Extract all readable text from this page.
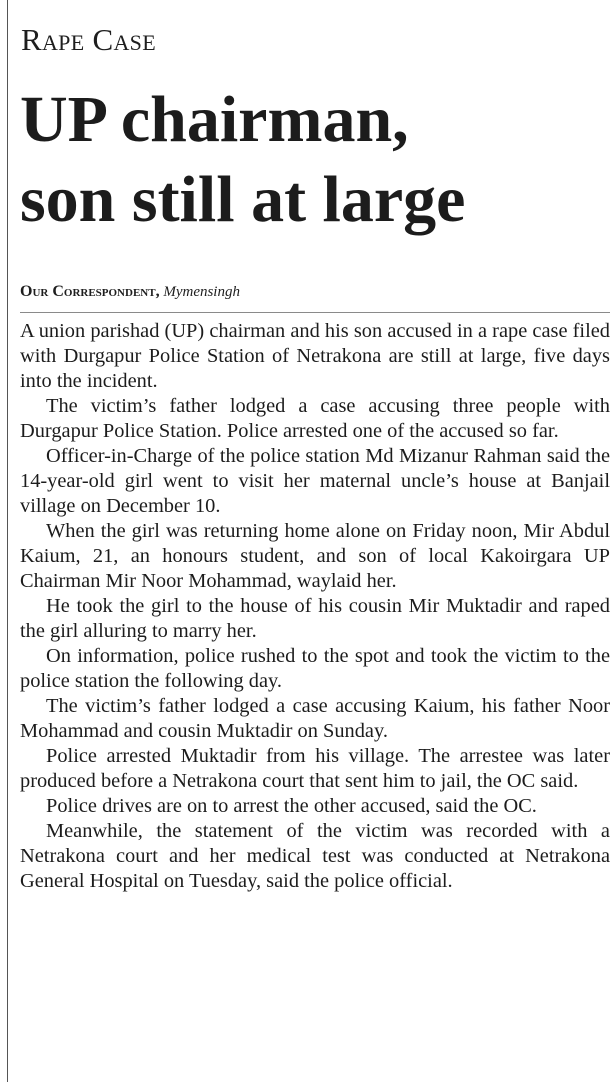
Rape Case
UP chairman,
son still at large
Our Correspondent, Mymensingh

A union parishad (UP) chairman and his son accused in a rape case filed with Durgapur Police Station of Netrakona are still at large, five days into the incident.

The victim’s father lodged a case accusing three people with Durgapur Police Station. Police arrested one of the accused so far.

Officer-in-Charge of the police station Md Mizanur Rahman said the 14-year-old girl went to visit her maternal uncle’s house at Banjail village on December 10.

When the girl was returning home alone on Friday noon, Mir Abdul Kaium, 21, an honours student, and son of local Kakoirgara UP Chairman Mir Noor Mohammad, waylaid her.

He took the girl to the house of his cousin Mir Muktadir and raped the girl alluring to marry her.

On information, police rushed to the spot and took the victim to the police station the following day.

The victim’s father lodged a case accusing Kaium, his father Noor Mohammad and cousin Muktadir on Sunday.

Police arrested Muktadir from his village. The arrestee was later produced before a Netrakona court that sent him to jail, the OC said.

Police drives are on to arrest the other accused, said the OC.

Meanwhile, the statement of the victim was recorded with a Netrakona court and her medical test was conducted at Netrakona General Hospital on Tuesday, said the police official.
